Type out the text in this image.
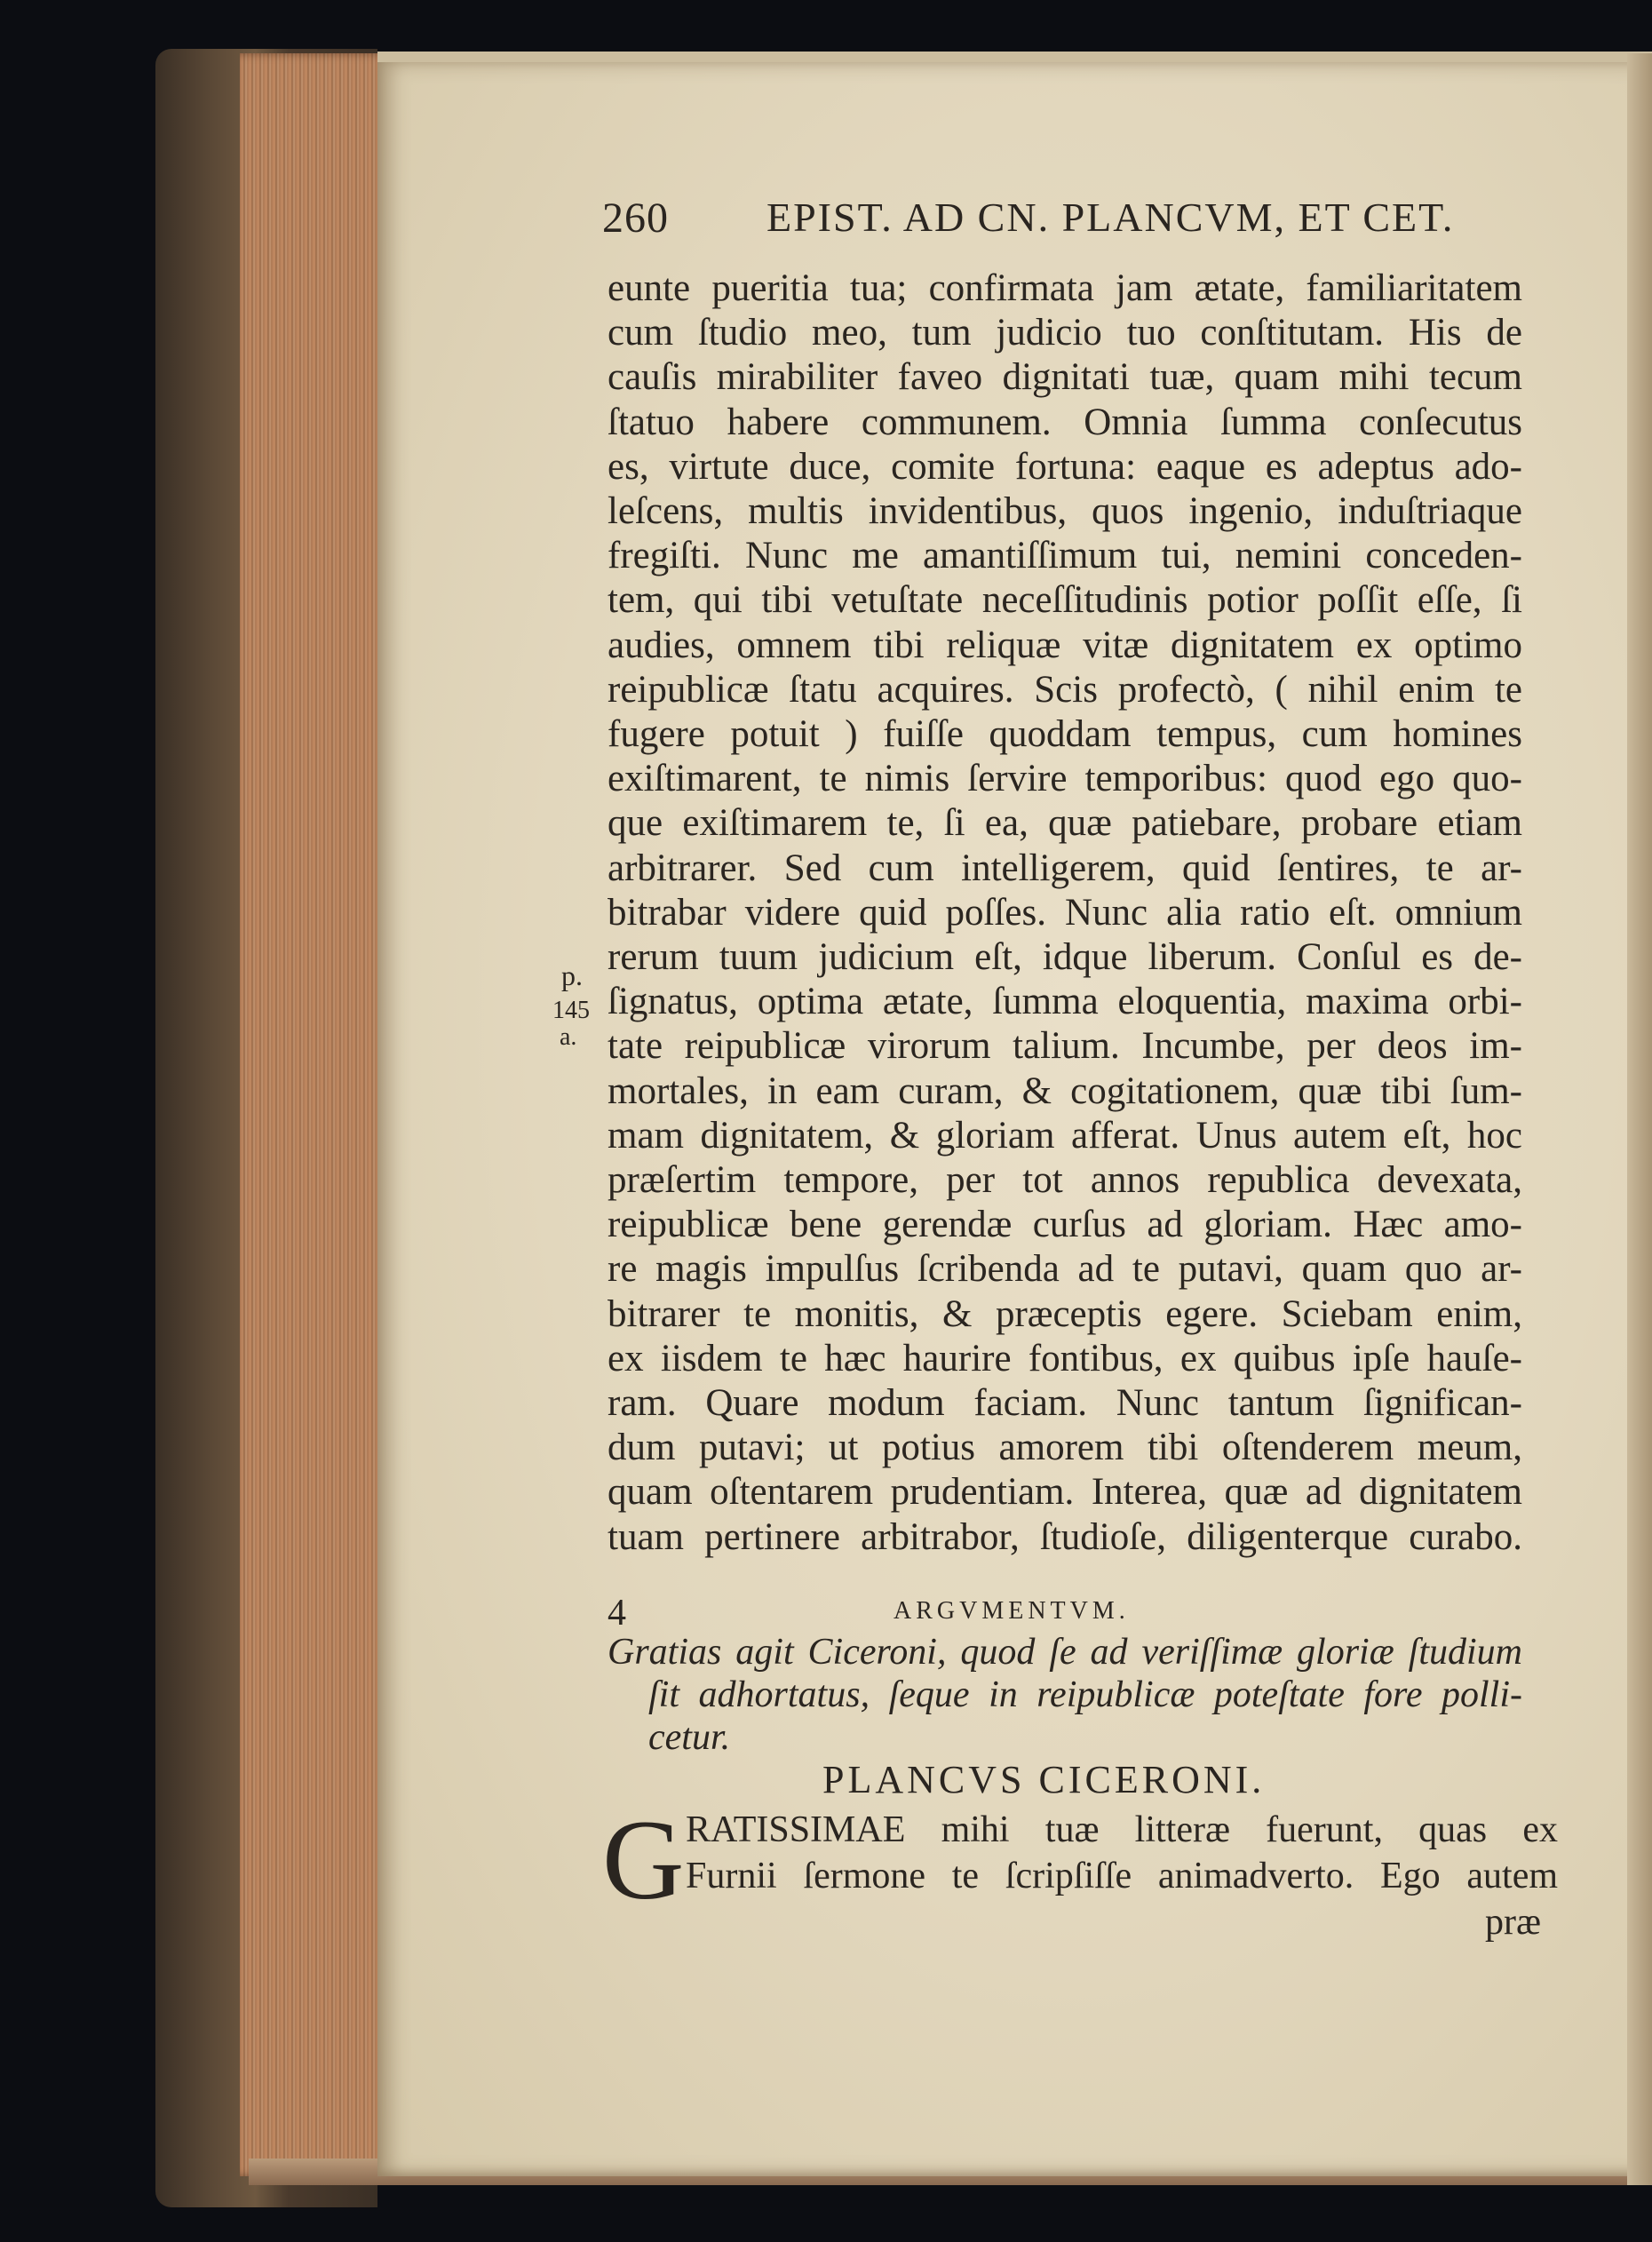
260 EPIST. AD CN. PLANCVM, ET CET.
eunte pueritia tua; confirmata jam ætate, familiaritatem
cum ſtudio meo, tum judicio tuo conſtitutam. His de
cauſis mirabiliter faveo dignitati tuæ, quam mihi tecum
ſtatuo habere communem. Omnia ſumma conſecutus
es, virtute duce, comite fortuna: eaque es adeptus ado-
leſcens, multis invidentibus, quos ingenio, induſtriaque
fregiſti. Nunc me amantiſſimum tui, nemini conceden-
tem, qui tibi vetuſtate neceſſitudinis potior poſſit eſſe, ſi
audies, omnem tibi reliquæ vitæ dignitatem ex optimo
reipublicæ ſtatu acquires. Scis profectò, ( nihil enim te
fugere potuit ) fuiſſe quoddam tempus, cum homines
exiſtimarent, te nimis ſervire temporibus: quod ego quo-
que exiſtimarem te, ſi ea, quæ patiebare, probare etiam
arbitrarer. Sed cum intelligerem, quid ſentires, te ar-
bitrabar videre quid poſſes. Nunc alia ratio eſt. omnium
rerum tuum judicium eſt, idque liberum. Conſul es de-
ſignatus, optima ætate, ſumma eloquentia, maxima orbi-
tate reipublicæ virorum talium. Incumbe, per deos im-
mortales, in eam curam, & cogitationem, quæ tibi ſum-
mam dignitatem, & gloriam afferat. Unus autem eſt, hoc
præſertim tempore, per tot annos republica devexata,
reipublicæ bene gerendæ curſus ad gloriam. Hæc amo-
re magis impulſus ſcribenda ad te putavi, quam quo ar-
bitrarer te monitis, & præceptis egere. Sciebam enim,
ex iisdem te hæc haurire fontibus, ex quibus ipſe hauſe-
ram. Quare modum faciam. Nunc tantum ſignifican-
dum putavi; ut potius amorem tibi oſtenderem meum,
quam oſtentarem prudentiam. Interea, quæ ad dignitatem
tuam pertinere arbitrabor, ſtudioſe, diligenterque curabo.
p.
145
a.
4	ARGVMENTVM.
Gratias agit Ciceroni, quod ſe ad veriſſimæ gloriæ ſtudium
ſit adhortatus, ſeque in reipublicæ poteſtate fore polli-
cetur.
PLANCVS CICERONI.
G RATISSIMAE mihi tuæ litteræ fuerunt, quas ex
Furnii ſermone te ſcripſiſſe animadverto. Ego autem
præ
